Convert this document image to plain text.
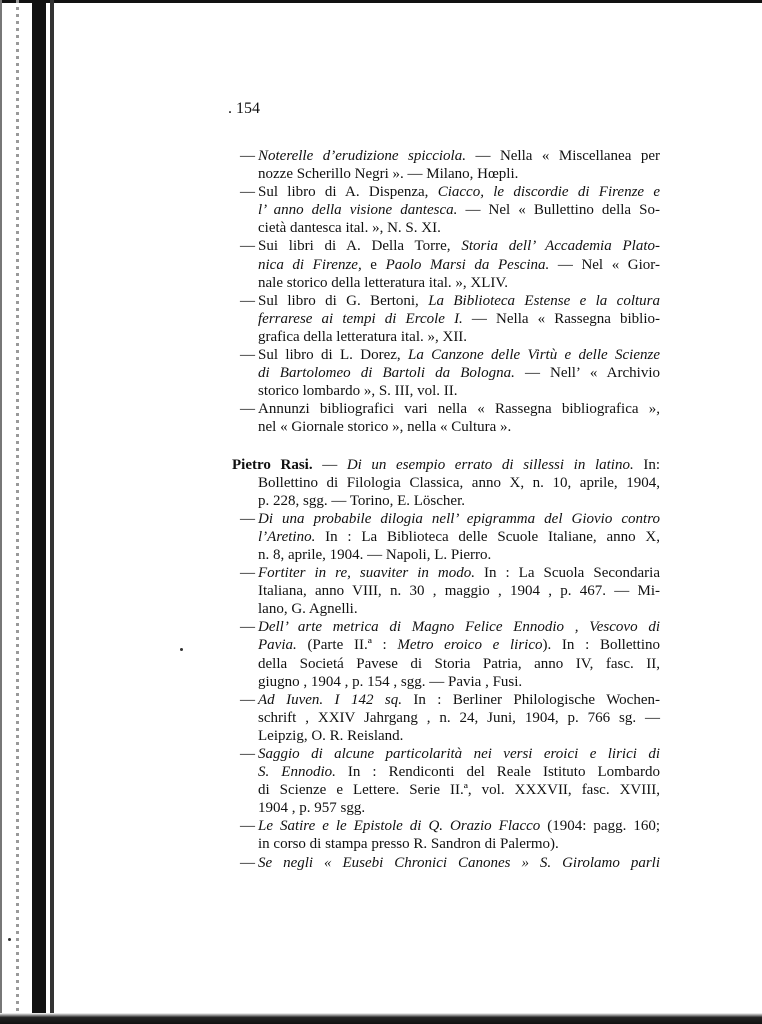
. 154
— Noterelle d’erudizione spicciola. — Nella « Miscellanea per
nozze Scherillo Negri ». — Milano, Hœpli.
— Sul libro di A. Dispenza, Ciacco, le discordie di Firenze e
l’ anno della visione dantesca. — Nel « Bullettino della So-
cietà dantesca ital. », N. S. XI.
— Sui libri di A. Della Torre, Storia dell’ Accademia Plato-
nica di Firenze, e Paolo Marsi da Pescina. — Nel « Gior-
nale storico della letteratura ital. », XLIV.
— Sul libro di G. Bertoni, La Biblioteca Estense e la coltura
ferrarese ai tempi di Ercole I. — Nella « Rassegna biblio-
grafica della letteratura ital. », XII.
— Sul libro di L. Dorez, La Canzone delle Virtù e delle Scienze
di Bartolomeo di Bartoli da Bologna. — Nell’ « Archivio
storico lombardo », S. III, vol. II.
— Annunzi bibliografici vari nella « Rassegna bibliografica »,
nel « Giornale storico », nella « Cultura ».
Pietro Rasi. — Di un esempio errato di sillessi in latino. In:
Bollettino di Filologia Classica, anno X, n. 10, aprile, 1904,
p. 228, sgg. — Torino, E. Löscher.
— Di una probabile dilogia nell’ epigramma del Giovio contro
l’Aretino. In : La Biblioteca delle Scuole Italiane, anno X,
n. 8, aprile, 1904. — Napoli, L. Pierro.
— Fortiter in re, suaviter in modo. In : La Scuola Secondaria
Italiana, anno VIII, n. 30 , maggio , 1904 , p. 467. — Mi-
lano, G. Agnelli.
— Dell’ arte metrica di Magno Felice Ennodio , Vescovo di
Pavia. (Parte II.ª : Metro eroico e lirico). In : Bollettino
della Societá Pavese di Storia Patria, anno IV, fasc. II,
giugno , 1904 , p. 154 , sgg. — Pavia , Fusi.
— Ad Iuven. I 142 sq. In : Berliner Philologische Wochen-
schrift , XXIV Jahrgang , n. 24, Juni, 1904, p. 766 sg. —
Leipzig, O. R. Reisland.
— Saggio di alcune particolarità nei versi eroici e lirici di
S. Ennodio. In : Rendiconti del Reale Istituto Lombardo
di Scienze e Lettere. Serie II.ª, vol. XXXVII, fasc. XVIII,
1904 , p. 957 sgg.
— Le Satire e le Epistole di Q. Orazio Flacco (1904: pagg. 160;
in corso di stampa presso R. Sandron di Palermo).
— Se negli « Eusebi Chronici Canones » S. Girolamo parli
